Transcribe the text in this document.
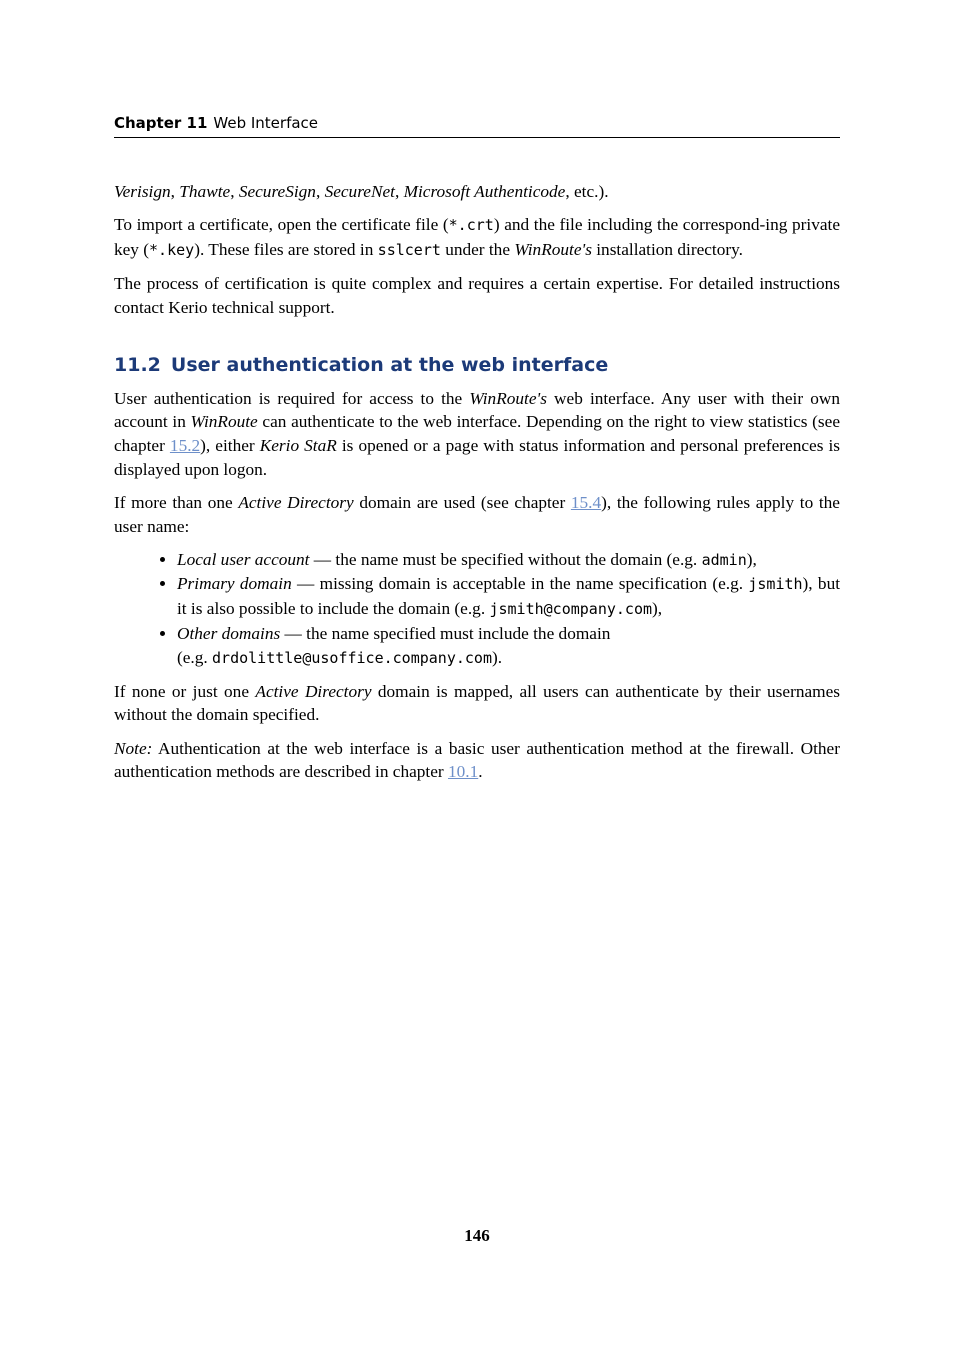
Chapter 11 Web Interface

Verisign, Thawte, SecureSign, SecureNet, Microsoft Authenticode, etc.).

To import a certificate, open the certificate file (*.crt) and the file including the correspond-ing private key (*.key). These files are stored in sslcert under the WinRoute's installation directory.

The process of certification is quite complex and requires a certain expertise. For detailed instructions contact Kerio technical support.

11.2 User authentication at the web interface

User authentication is required for access to the WinRoute's web interface. Any user with their own account in WinRoute can authenticate to the web interface. Depending on the right to view statistics (see chapter 15.2), either Kerio StaR is opened or a page with status information and personal preferences is displayed upon logon.

If more than one Active Directory domain are used (see chapter 15.4), the following rules apply to the user name:

• Local user account — the name must be specified without the domain (e.g. admin),
• Primary domain — missing domain is acceptable in the name specification (e.g. jsmith), but it is also possible to include the domain (e.g. jsmith@company.com),
• Other domains — the name specified must include the domain
(e.g. drdolittle@usoffice.company.com).

If none or just one Active Directory domain is mapped, all users can authenticate by their usernames without the domain specified.

Note: Authentication at the web interface is a basic user authentication method at the firewall. Other authentication methods are described in chapter 10.1.

146
